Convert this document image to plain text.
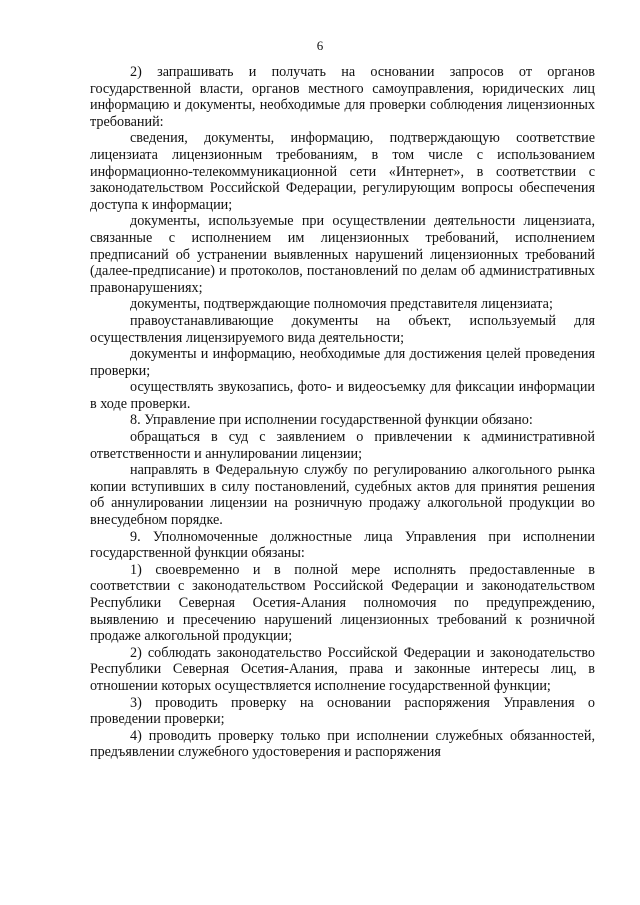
6

2) запрашивать и получать на основании запросов от органов государственной власти, органов местного самоуправления, юридических лиц информацию и документы, необходимые для проверки соблюдения лицензионных требований:

сведения, документы, информацию, подтверждающую соответствие лицензиата лицензионным требованиям, в том числе с использованием информационно-телекоммуникационной сети «Интернет», в соответствии с законодательством Российской Федерации, регулирующим вопросы обеспечения доступа к информации;

документы, используемые при осуществлении деятельности лицензиата, связанные с исполнением им лицензионных требований, исполнением предписаний об устранении выявленных нарушений лицензионных требований (далее-предписание) и протоколов, постановлений по делам об административных правонарушениях;

документы, подтверждающие полномочия представителя лицензиата;

правоустанавливающие документы на объект, используемый для осуществления лицензируемого вида деятельности;

документы и информацию, необходимые для достижения целей проведения проверки;

осуществлять звукозапись, фото- и видеосъемку для фиксации информации в ходе проверки.

8. Управление при исполнении государственной функции обязано:

обращаться в суд с заявлением о привлечении к административной ответственности и аннулировании лицензии;

направлять в Федеральную службу по регулированию алкогольного рынка копии вступивших в силу постановлений, судебных актов для принятия решения об аннулировании лицензии на розничную продажу алкогольной продукции во внесудебном порядке.

9. Уполномоченные должностные лица Управления при исполнении государственной функции обязаны:

1) своевременно и в полной мере исполнять предоставленные в соответствии с законодательством Российской Федерации и законодательством Республики Северная Осетия-Алания полномочия по предупреждению, выявлению и пресечению нарушений лицензионных требований к розничной продаже алкогольной продукции;

2) соблюдать законодательство Российской Федерации и законодательство Республики Северная Осетия-Алания, права и законные интересы лиц, в отношении которых осуществляется исполнение государственной функции;

3) проводить проверку на основании распоряжения Управления о проведении проверки;

4) проводить проверку только при исполнении служебных обязанностей, предъявлении служебного удостоверения и распоряжения
